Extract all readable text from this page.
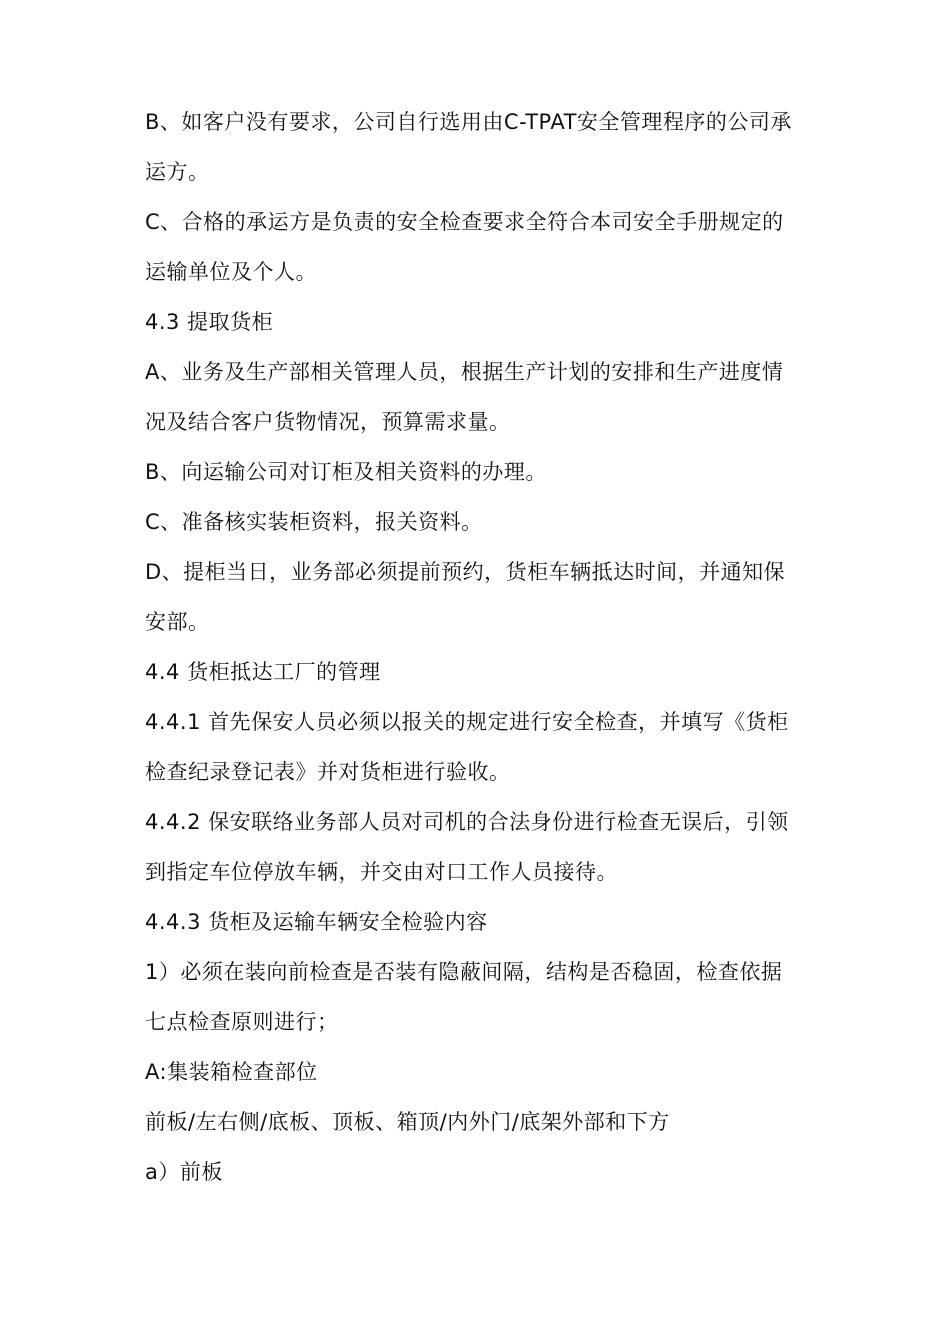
B、如客户没有要求，公司自行选用由C-TPAT安全管理程序的公司承
运方。
C、合格的承运方是负责的安全检查要求全符合本司安全手册规定的
运输单位及个人。
4.3 提取货柜
A、业务及生产部相关管理人员，根据生产计划的安排和生产进度情
况及结合客户货物情况，预算需求量。
B、向运输公司对订柜及相关资料的办理。
C、准备核实装柜资料，报关资料。
D、提柜当日，业务部必须提前预约，货柜车辆抵达时间，并通知保
安部。
4.4 货柜抵达工厂的管理
4.4.1 首先保安人员必须以报关的规定进行安全检查，并填写《货柜
检查纪录登记表》并对货柜进行验收。
4.4.2 保安联络业务部人员对司机的合法身份进行检查无误后，引领
到指定车位停放车辆，并交由对口工作人员接待。
4.4.3 货柜及运输车辆安全检验内容
1）必须在装向前检查是否装有隐蔽间隔，结构是否稳固，检查依据
七点检查原则进行；
A:集装箱检查部位
前板/左右侧/底板、顶板、箱顶/内外门/底架外部和下方
a）前板
